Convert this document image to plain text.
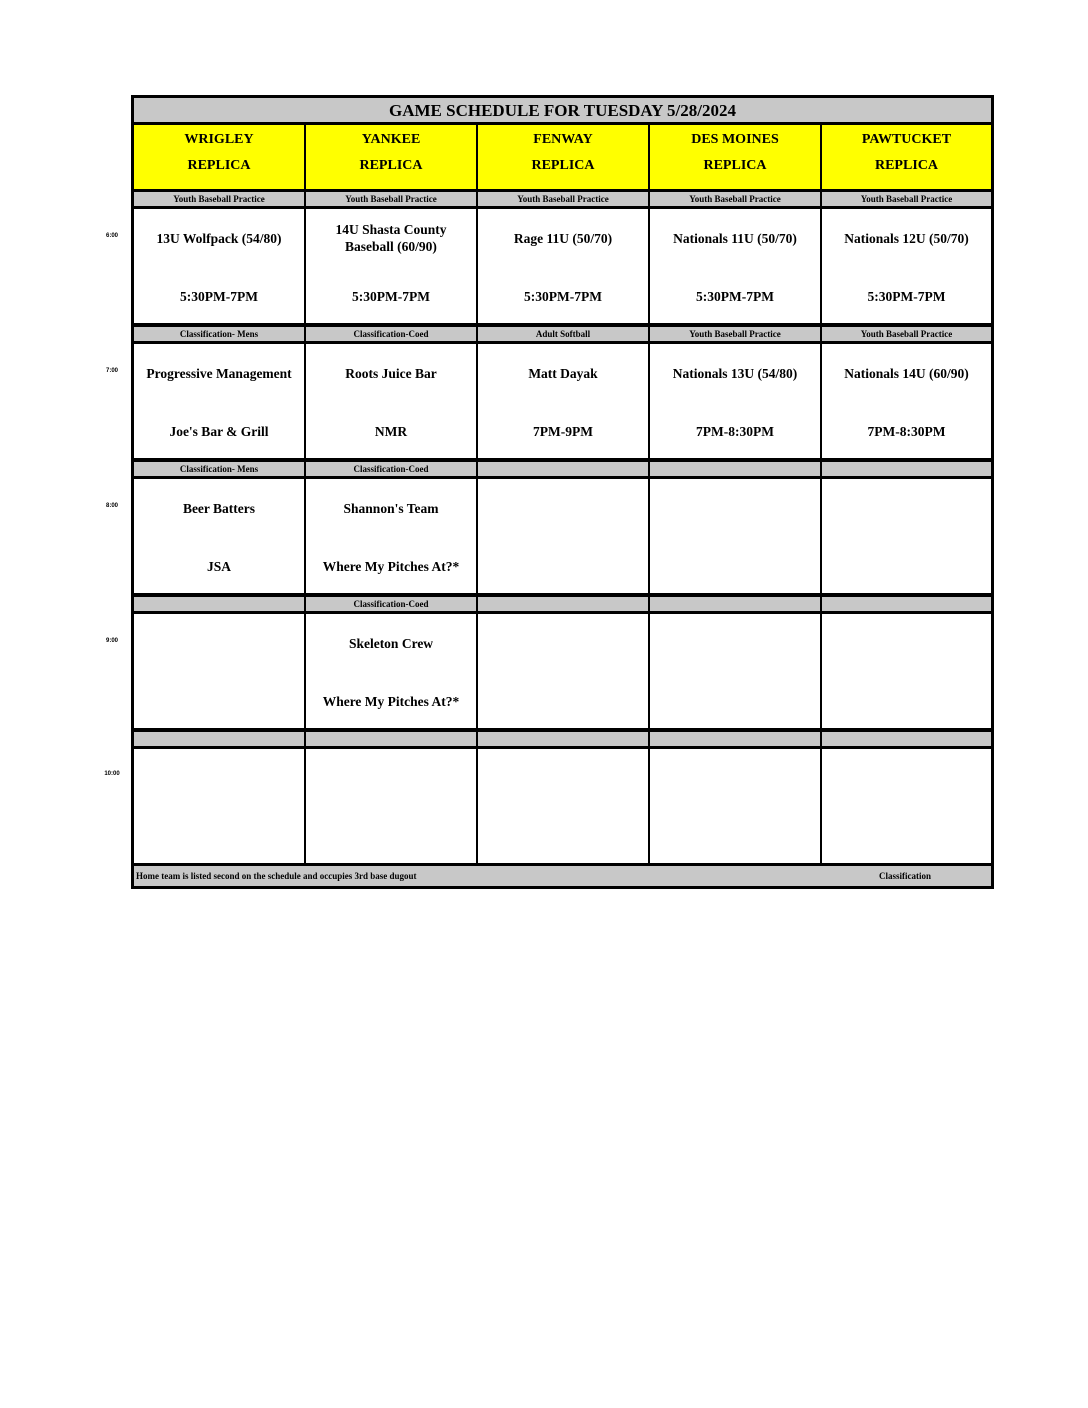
GAME SCHEDULE FOR TUESDAY 5/28/2024
WRIGLEY
REPLICA
YANKEE
REPLICA
FENWAY
REPLICA
DES MOINES
REPLICA
PAWTUCKET
REPLICA
Youth Baseball Practice
13U Wolfpack (54/80)
5:30PM-7PM
Youth Baseball Practice
14U Shasta County Baseball (60/90)
5:30PM-7PM
Youth Baseball Practice
Rage 11U (50/70)
5:30PM-7PM
Youth Baseball Practice
Nationals 11U (50/70)
5:30PM-7PM
Youth Baseball Practice
Nationals 12U (50/70)
5:30PM-7PM
Classification- Mens
Progressive Management
Joe's Bar & Grill
Classification-Coed
Roots Juice Bar
NMR
Adult Softball
Matt Dayak
7PM-9PM
Youth Baseball Practice
Nationals 13U (54/80)
7PM-8:30PM
Youth Baseball Practice
Nationals 14U (60/90)
7PM-8:30PM
Classification- Mens
Beer Batters
JSA
Classification-Coed
Shannon's Team
Where My Pitches At?*
Classification-Coed
Skeleton Crew
Where My Pitches At?*
Home team is listed second on the schedule and occupies 3rd base dugout	Classification
6:00
7:00
8:00
9:00
10:00
